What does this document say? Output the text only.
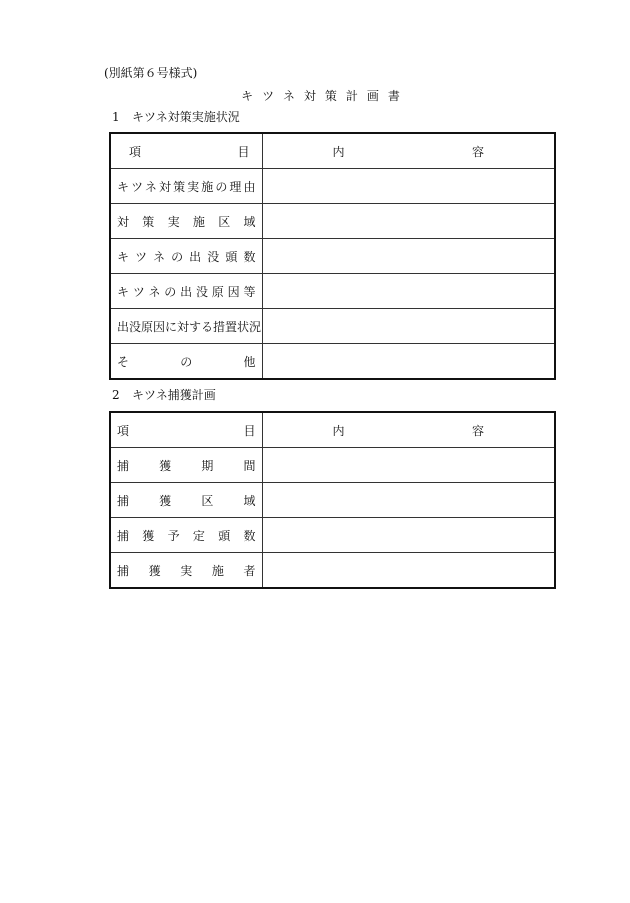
(別紙第６号様式)
キツネ対策計画書
1 キツネ対策実施状況
項目	内容
キツネ対策実施の理由	
対策実施区域	
キツネの出没頭数	
キツネの出没原因等	
出没原因に対する措置状況	
その他	
2 キツネ捕獲計画
項目	内容
捕獲期間	
捕獲区域	
捕獲予定頭数	
捕獲実施者	
